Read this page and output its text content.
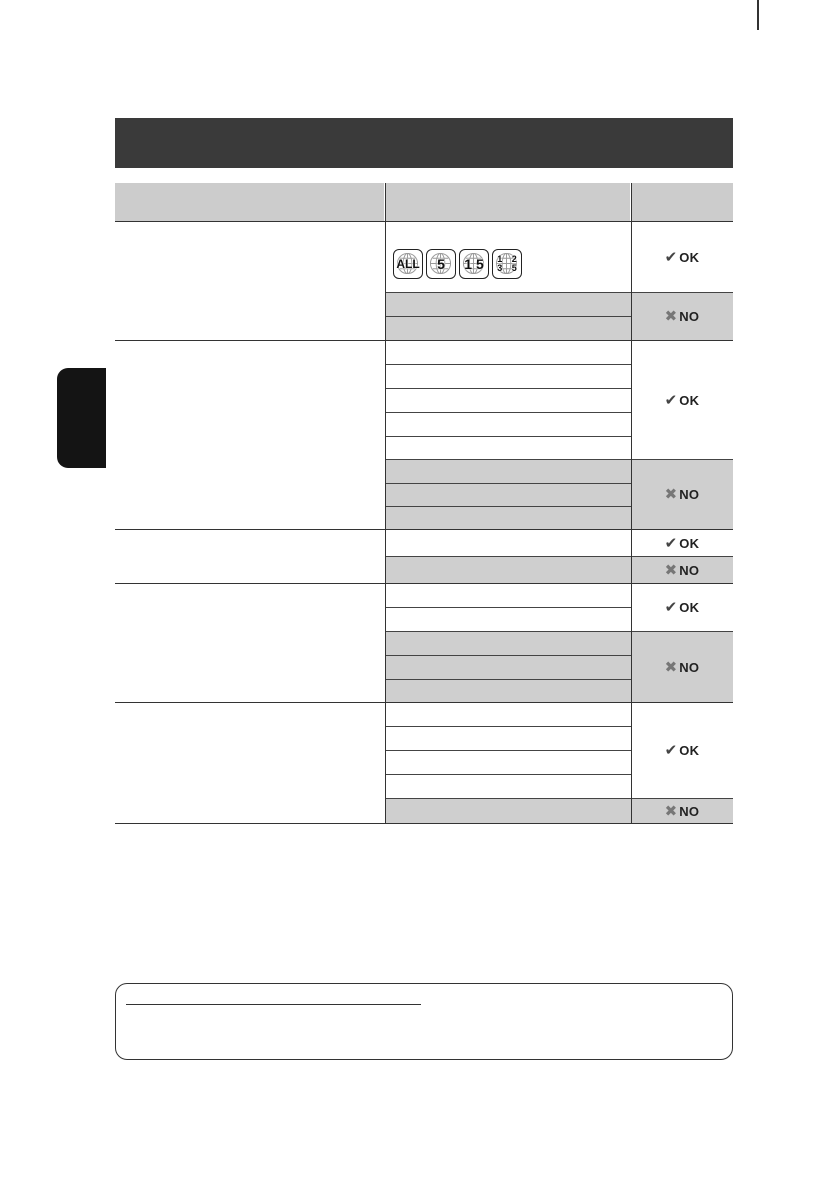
✔ OK
ALL 5 1 5 1 2 3 5
✖ NO
✔ OK
✖ NO
✔ OK
✖ NO
✔ OK
✖ NO
✔ OK
✖ NO
